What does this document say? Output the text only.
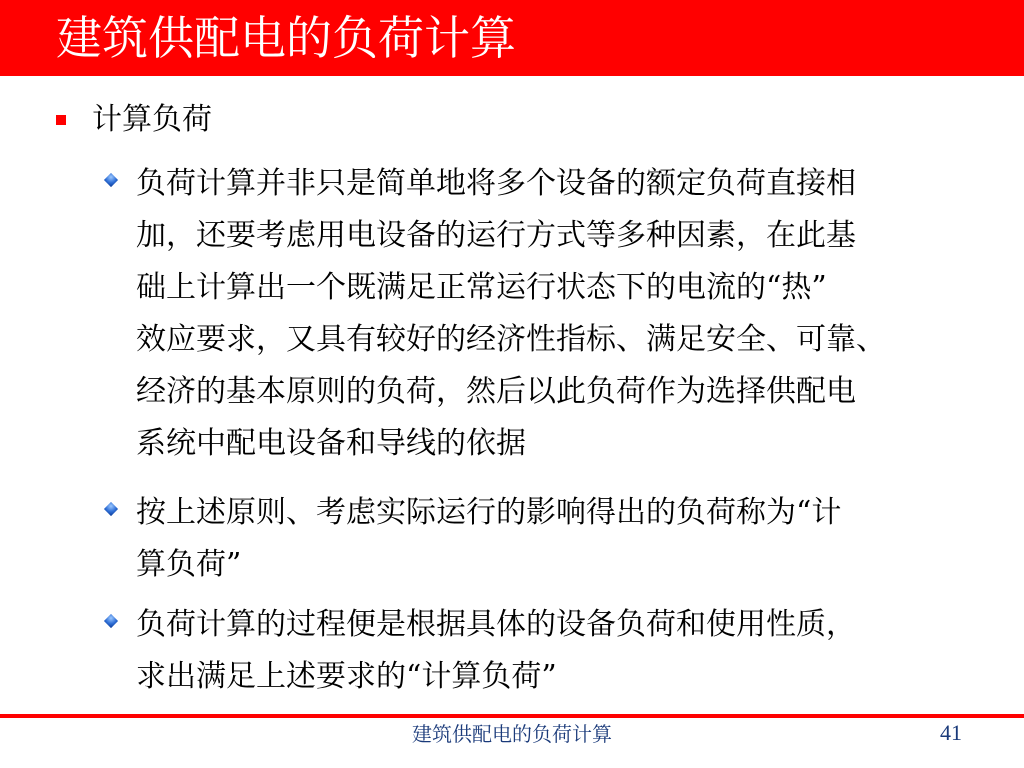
建筑供配电的负荷计算
计算负荷
负荷计算并非只是简单地将多个设备的额定负荷直接相
加，还要考虑用电设备的运行方式等多种因素，在此基
础上计算出一个既满足正常运行状态下的电流的“热”
效应要求，又具有较好的经济性指标、满足安全、可靠、
经济的基本原则的负荷，然后以此负荷作为选择供配电
系统中配电设备和导线的依据
按上述原则、考虑实际运行的影响得出的负荷称为“计
算负荷”
负荷计算的过程便是根据具体的设备负荷和使用性质，
求出满足上述要求的“计算负荷”
建筑供配电的负荷计算	41
